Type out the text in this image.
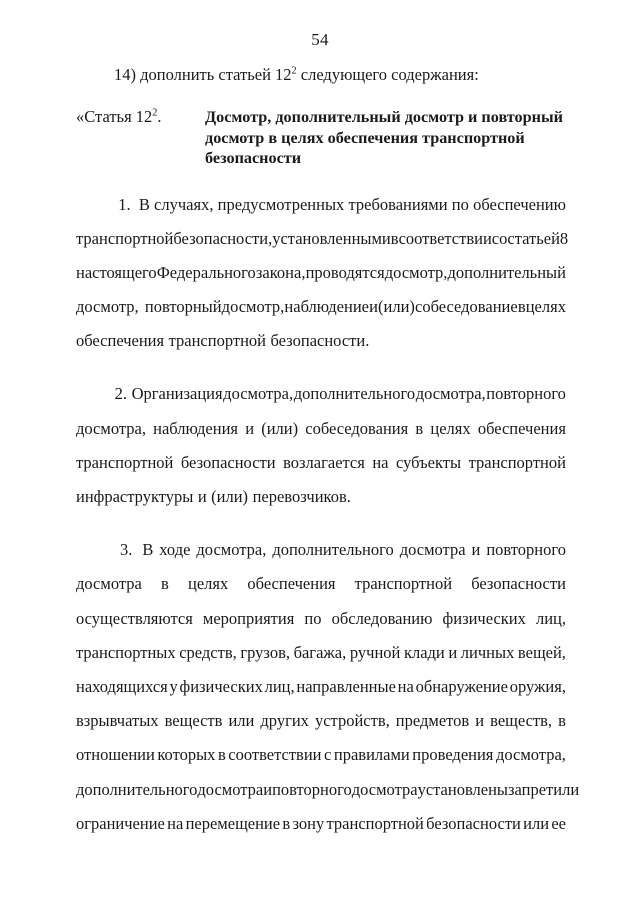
54
14) дополнить статьей $12^2$ следующего содержания:
«Статья $12^2$.	Досмотр, дополнительный досмотр и повторный
досмотр в целях обеспечения транспортной
безопасности
1. В случаях, предусмотренных требованиями по обеспечению
транспортной безопасности, установленными в соответствии со статьей 8
настоящего Федерального закона, проводятся досмотр, дополнительный
досмотр, повторный досмотр, наблюдение и (или) собеседование в целях
обеспечения транспортной безопасности.
2. Организация досмотра, дополнительного досмотра, повторного
досмотра, наблюдения и (или) собеседования в целях обеспечения
транспортной безопасности возлагается на субъекты транспортной
инфраструктуры и (или) перевозчиков.
3. В ходе досмотра, дополнительного досмотра и повторного
досмотра в целях обеспечения транспортной безопасности
осуществляются мероприятия по обследованию физических лиц,
транспортных средств, грузов, багажа, ручной клади и личных вещей,
находящихся у физических лиц, направленные на обнаружение оружия,
взрывчатых веществ или других устройств, предметов и веществ, в
отношении которых в соответствии с правилами проведения досмотра,
дополнительного досмотра и повторного досмотра установлены запрет или
ограничение на перемещение в зону транспортной безопасности или ее
